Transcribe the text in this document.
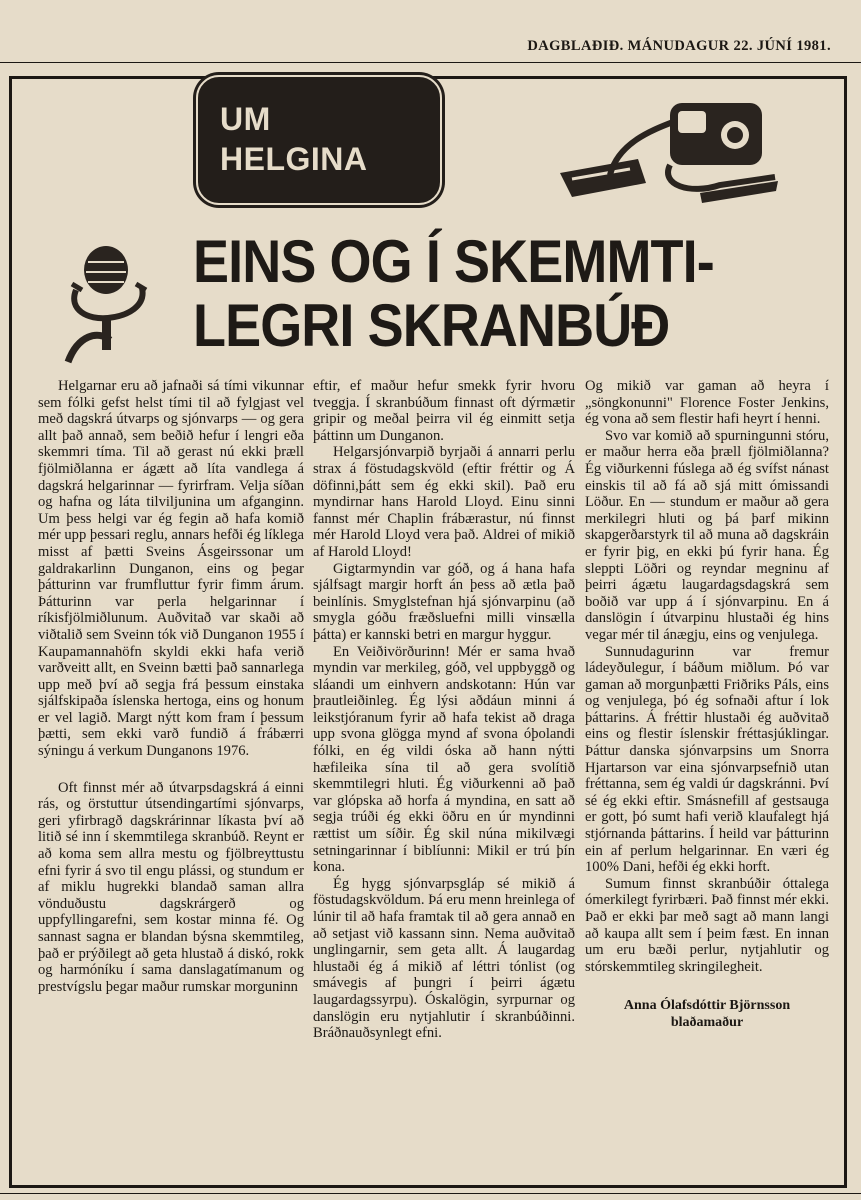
DAGBLAÐIÐ. MÁNUDAGUR 22. JÚNÍ 1981.
UM
HELGINA
EINS OG Í SKEMMTI-
LEGRI SKRANBÚÐ

Helgarnar eru að jafnaði sá tími vikunnar sem fólki gefst helst tími til að fylgjast vel með dagskrá útvarps og sjónvarps — og gera allt það annað, sem beðið hefur í lengri eða skemmri tíma. Til að gerast nú ekki þræll fjölmiðlanna er ágætt að líta vandlega á dagskrá helgarinnar — fyrirfram. Velja síðan og hafna og láta tilviljunina um afganginn. Um þess helgi var ég fegin að hafa komið mér upp þessari reglu, annars hefði ég líklega misst af þætti Sveins Ásgeirssonar um galdrakarlinn Dunganon, eins og þegar þátturinn var frumfluttur fyrir fimm árum. Þátturinn var perla helgarinnar í ríkisfjölmiðlunum. Auðvitað var skaði að viðtalið sem Sveinn tók við Dunganon 1955 í Kaupamannahöfn skyldi ekki hafa verið varðveitt allt, en Sveinn bætti það sannarlega upp með því að segja frá þessum einstaka sjálfskipaða íslenska hertoga, eins og honum er vel lagið. Margt nýtt kom fram í þessum þætti, sem ekki varð fundið á frábærri sýningu á verkum Dunganons 1976.

Oft finnst mér að útvarpsdagskrá á einni rás, og örstuttur útsendingartími sjónvarps, geri yfirbragð dagskrárinnar líkasta því að litið sé inn í skemmtilega skranbúð. Reynt er að koma sem allra mestu og fjölbreyttustu efni fyrir á svo til engu plássi, og stundum er af miklu hugrekki blandað saman allra vönduðustu dagskrárgerð og uppfyllingarefni, sem kostar minna fé. Og sannast sagna er blandan býsna skemmtileg, það er prýðilegt að geta hlustað á diskó, rokk og harmóníku í sama danslagatímanum og prestvígslu þegar maður rumskar morguninn

eftir, ef maður hefur smekk fyrir hvoru tveggja. Í skranbúðum finnast oft dýrmætir gripir og meðal þeirra vil ég einmitt setja þáttinn um Dunganon.

Helgarsjónvarpið byrjaði á annarri perlu strax á föstudagskvöld (eftir fréttir og Á döfinni,þátt sem ég ekki skil). Það eru myndirnar hans Harold Lloyd. Einu sinni fannst mér Chaplin frábærastur, nú finnst mér Harold Lloyd vera það. Aldrei of mikið af Harold Lloyd!

Gigtarmyndin var góð, og á hana hafa sjálfsagt margir horft án þess að ætla það beinlínis. Smyglstefnan hjá sjónvarpinu (að smygla góðu fræðsluefni milli vinsælla þátta) er kannski betri en margur hyggur.

En Veiðivörðurinn! Mér er sama hvað myndin var merkileg, góð, vel uppbyggð og sláandi um einhvern andskotann: Hún var þrautleiðinleg. Ég lýsi aðdáun minni á leikstjóranum fyrir að hafa tekist að draga upp svona glögga mynd af svona óþolandi fólki, en ég vildi óska að hann nýtti hæfileika sína til að gera svolítið skemmtilegri hluti. Ég viðurkenni að það var glópska að horfa á myndina, en satt að segja trúði ég ekki öðru en úr myndinni rættist um síðir. Ég skil núna mikilvægi setningarinnar í biblíunni: Mikil er trú þín kona.

Ég hygg sjónvarpsgláp sé mikið á föstudagskvöldum. Þá eru menn hreinlega of lúnir til að hafa framtak til að gera annað en að setjast við kassann sinn. Nema auðvitað unglingarnir, sem geta allt. Á laugardag hlustaði ég á mikið af léttri tónlist (og smávegis af þungri í þeirri ágætu laugardagssyrpu). Óskalögin, syrpurnar og danslögin eru nytjahlutir í skranbúðinni. Bráðnauðsynlegt efni.

Og mikið var gaman að heyra í „söngkonunni" Florence Foster Jenkins, ég vona að sem flestir hafi heyrt í henni.

Svo var komið að spurningunni stóru, er maður herra eða þræll fjölmiðlanna? Ég viðurkenni fúslega að ég svífst nánast einskis til að fá að sjá mitt ómissandi Löður. En — stundum er maður að gera merkilegri hluti og þá þarf mikinn skapgerðarstyrk til að muna að dagskráin er fyrir þig, en ekki þú fyrir hana. Ég sleppti Löðri og reyndar megninu af þeirri ágætu laugardagsdagskrá sem boðið var upp á í sjónvarpinu. En á danslögin í útvarpinu hlustaði ég hins vegar mér til ánægju, eins og venjulega.

Sunnudagurinn var fremur ládeyðulegur, í báðum miðlum. Þó var gaman að morgunþætti Friðriks Páls, eins og venjulega, þó ég sofnaði aftur í lok þáttarins. Á fréttir hlustaði ég auðvitað eins og flestir íslenskir fréttasjúklingar. Þáttur danska sjónvarpsins um Snorra Hjartarson var eina sjónvarpsefnið utan fréttanna, sem ég valdi úr dagskránni. Því sé ég ekki eftir. Smásnefill af gestsauga er gott, þó sumt hafi verið klaufalegt hjá stjórnanda þáttarins. Í heild var þátturinn ein af perlum helgarinnar. En væri ég 100% Dani, hefði ég ekki horft.

Sumum finnst skranbúðir óttalega ómerkilegt fyrirbæri. Það finnst mér ekki. Það er ekki þar með sagt að mann langi að kaupa allt sem í þeim fæst. En innan um eru bæði perlur, nytjahlutir og stórskemmtileg skringilegheit.

Anna Ólafsdóttir Björnsson
blaðamaður
